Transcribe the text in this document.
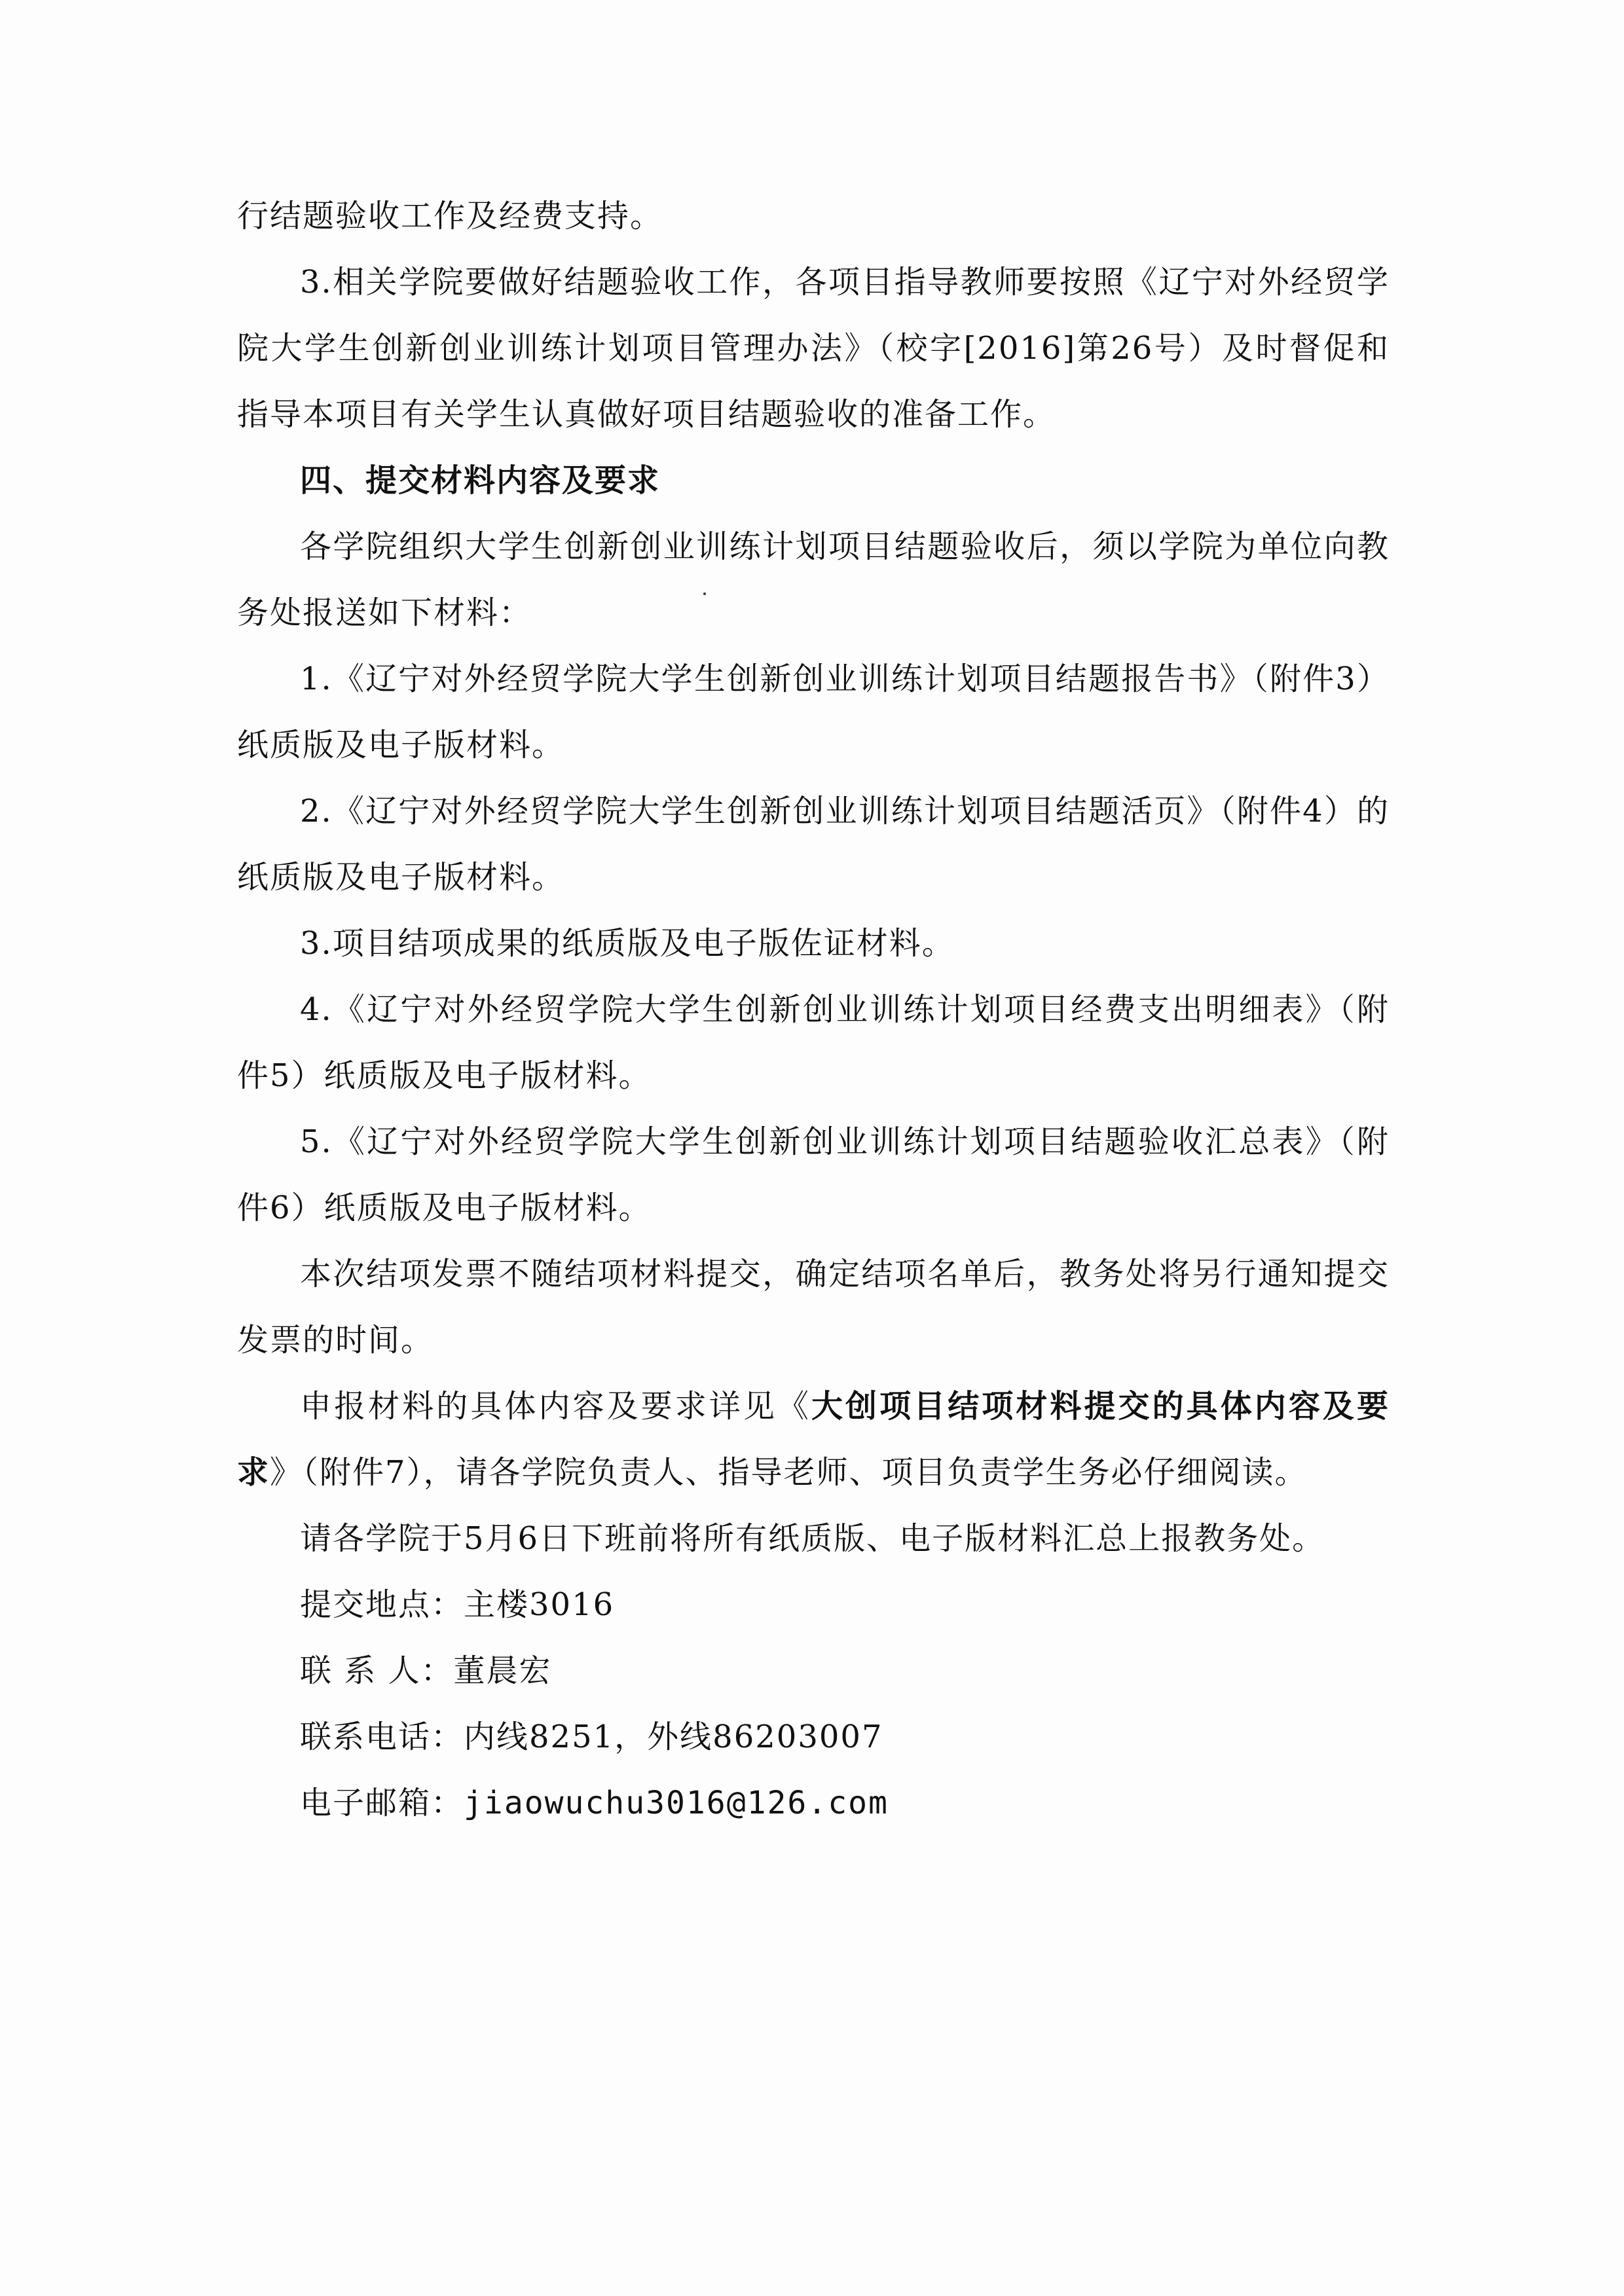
行结题验收工作及经费支持。

3.相关学院要做好结题验收工作，各项目指导教师要按照《辽宁对外经贸学院大学生创新创业训练计划项目管理办法》（校字[2016]第26号）及时督促和指导本项目有关学生认真做好项目结题验收的准备工作。

四、提交材料内容及要求

各学院组织大学生创新创业训练计划项目结题验收后，须以学院为单位向教务处报送如下材料：

1.《辽宁对外经贸学院大学生创新创业训练计划项目结题报告书》（附件3）纸质版及电子版材料。

2.《辽宁对外经贸学院大学生创新创业训练计划项目结题活页》（附件4）的纸质版及电子版材料。

3.项目结项成果的纸质版及电子版佐证材料。

4.《辽宁对外经贸学院大学生创新创业训练计划项目经费支出明细表》（附件5）纸质版及电子版材料。

5.《辽宁对外经贸学院大学生创新创业训练计划项目结题验收汇总表》（附件6）纸质版及电子版材料。

本次结项发票不随结项材料提交，确定结项名单后，教务处将另行通知提交发票的时间。

申报材料的具体内容及要求详见《大创项目结项材料提交的具体内容及要求》（附件7），请各学院负责人、指导老师、项目负责学生务必仔细阅读。

请各学院于5月6日下班前将所有纸质版、电子版材料汇总上报教务处。

提交地点：主楼3016

联 系 人：董晨宏

联系电话：内线8251，外线86203007

电子邮箱：jiaowuchu3016@126.com
